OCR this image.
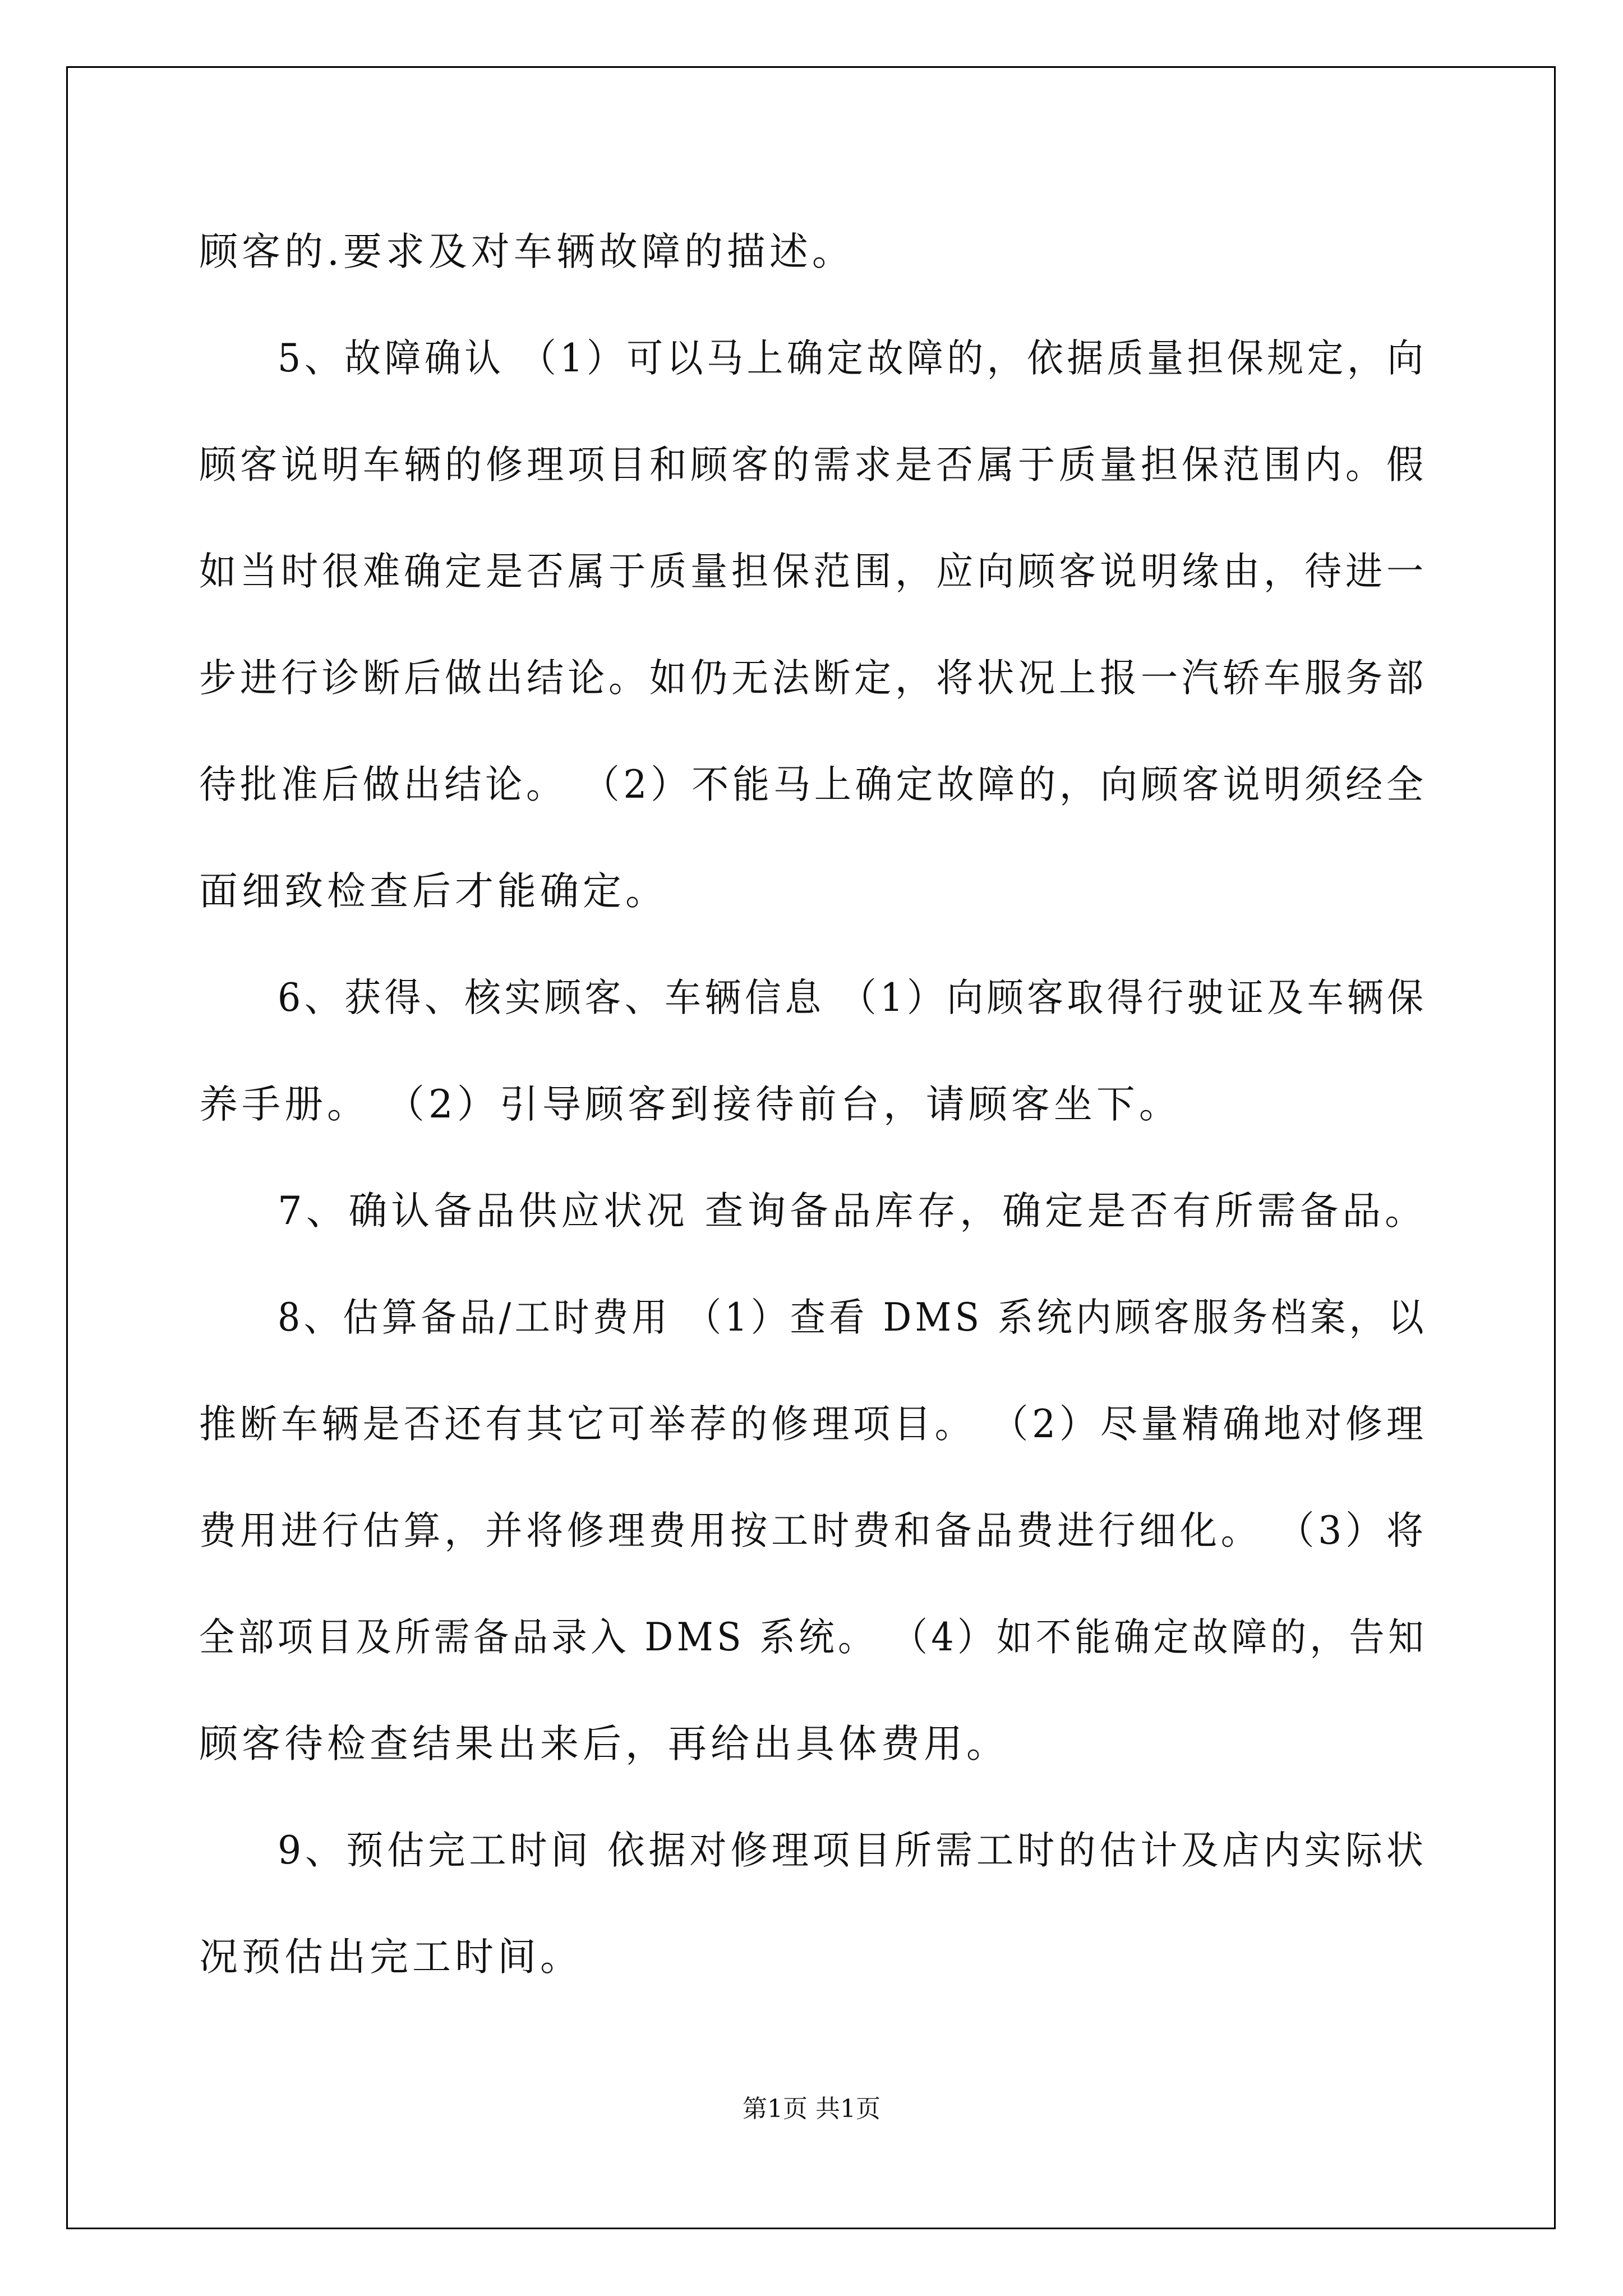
顾客的.要求及对车辆故障的描述。
5、故障确认 （1）可以马上确定故障的，依据质量担保规定，向
顾客说明车辆的修理项目和顾客的需求是否属于质量担保范围内。假
如当时很难确定是否属于质量担保范围，应向顾客说明缘由，待进一
步进行诊断后做出结论。如仍无法断定，将状况上报一汽轿车服务部
待批准后做出结论。 （2）不能马上确定故障的，向顾客说明须经全
面细致检查后才能确定。
6、获得、核实顾客、车辆信息 （1）向顾客取得行驶证及车辆保
养手册。 （2）引导顾客到接待前台，请顾客坐下。
7、确认备品供应状况 查询备品库存，确定是否有所需备品。
8、估算备品/工时费用 （1）查看 DMS 系统内顾客服务档案，以
推断车辆是否还有其它可举荐的修理项目。 （2）尽量精确地对修理
费用进行估算，并将修理费用按工时费和备品费进行细化。 （3）将
全部项目及所需备品录入 DMS 系统。 （4）如不能确定故障的，告知
顾客待检查结果出来后，再给出具体费用。
9、预估完工时间 依据对修理项目所需工时的估计及店内实际状
况预估出完工时间。
第1页 共1页
